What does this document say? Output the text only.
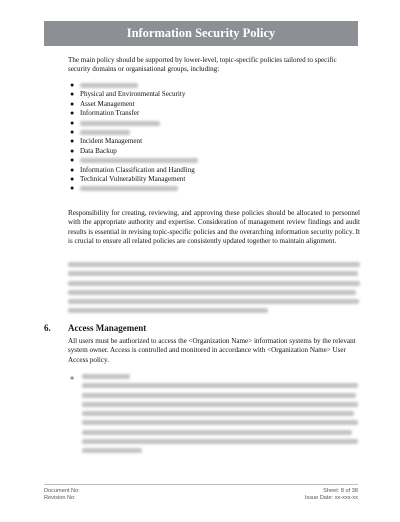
Information Security Policy
The main policy should be supported by lower-level, topic-specific policies tailored to specific security domains or organisational groups, including:
●
● Physical and Environmental Security
● Asset Management
● Information Transfer
●
●
● Incident Management
● Data Backup
●
● Information Classification and Handling
● Technical Vulnerability Management
●
Responsibility for creating, reviewing, and approving these policies should be allocated to personnel with the appropriate authority and expertise. Consideration of management review findings and audit results is essential in revising topic-specific policies and the overarching information security policy. It is crucial to ensure all related policies are consistently updated together to maintain alignment.
6. Access Management
All users must be authorized to access the <Organization Name> information systems by the relevant system owner. Access is controlled and monitored in accordance with <Organization Name> User Access policy.
●
Document No:
Revision No:
Sheet: 8 of 38
Issue Date: xx-xxx-xx
